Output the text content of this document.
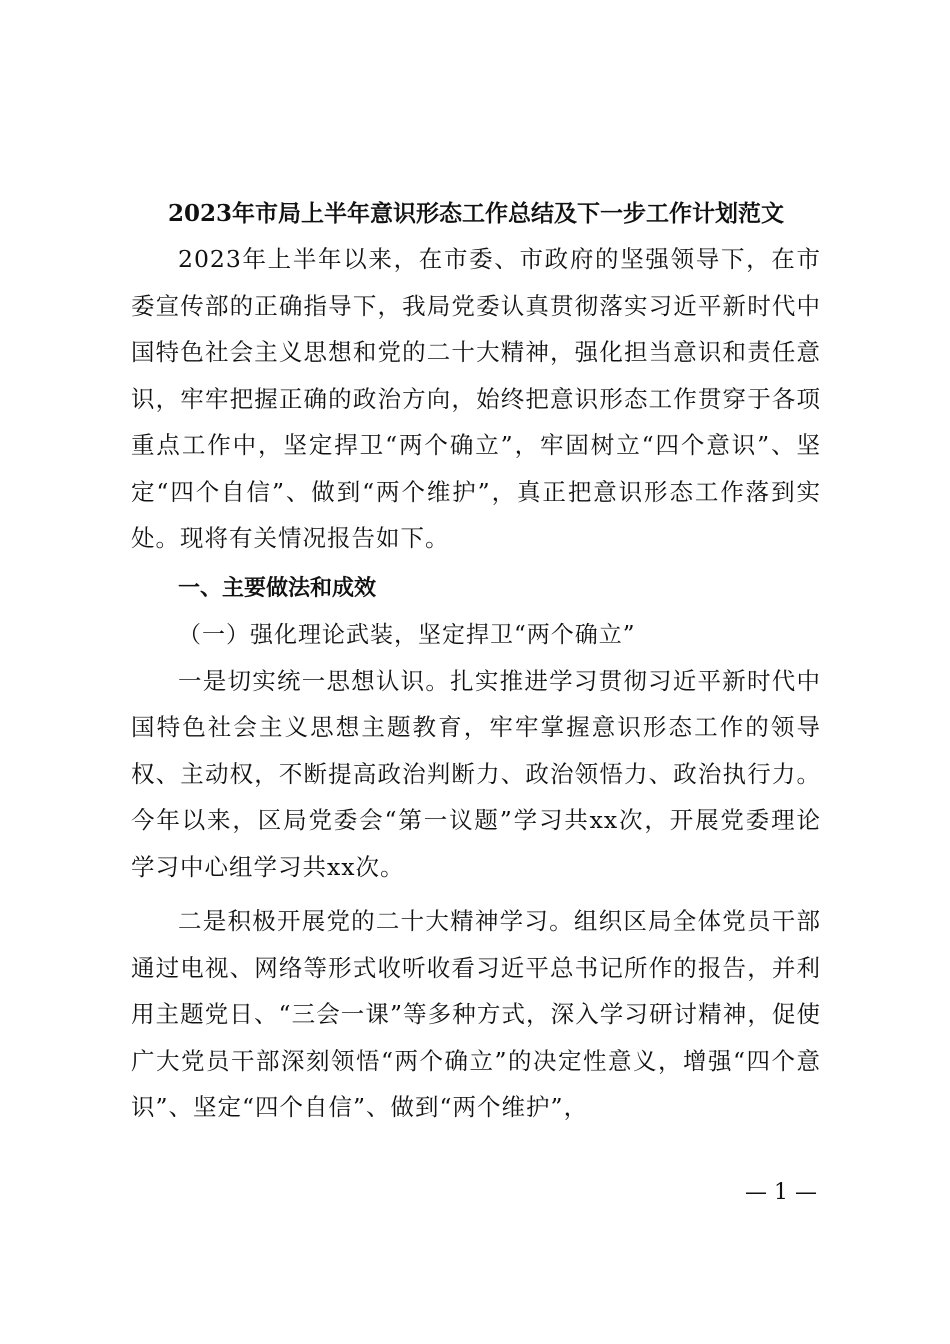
2023年市局上半年意识形态工作总结及下一步工作计划范文

2023年上半年以来，在市委、市政府的坚强领导下，在市委宣传部的正确指导下，我局党委认真贯彻落实习近平新时代中国特色社会主义思想和党的二十大精神，强化担当意识和责任意识，牢牢把握正确的政治方向，始终把意识形态工作贯穿于各项重点工作中，坚定捍卫“两个确立”，牢固树立“四个意识”、坚定“四个自信”、做到“两个维护”，真正把意识形态工作落到实处。现将有关情况报告如下。

一、主要做法和成效
（一）强化理论武装，坚定捍卫“两个确立”

一是切实统一思想认识。扎实推进学习贯彻习近平新时代中国特色社会主义思想主题教育，牢牢掌握意识形态工作的领导权、主动权，不断提高政治判断力、政治领悟力、政治执行力。今年以来，区局党委会“第一议题”学习共xx次，开展党委理论学习中心组学习共xx次。

二是积极开展党的二十大精神学习。组织区局全体党员干部通过电视、网络等形式收听收看习近平总书记所作的报告，并利用主题党日、“三会一课”等多种方式，深入学习研讨精神，促使广大党员干部深刻领悟“两个确立”的决定性意义，增强“四个意识”、坚定“四个自信”、做到“两个维护”，

— 1 —
